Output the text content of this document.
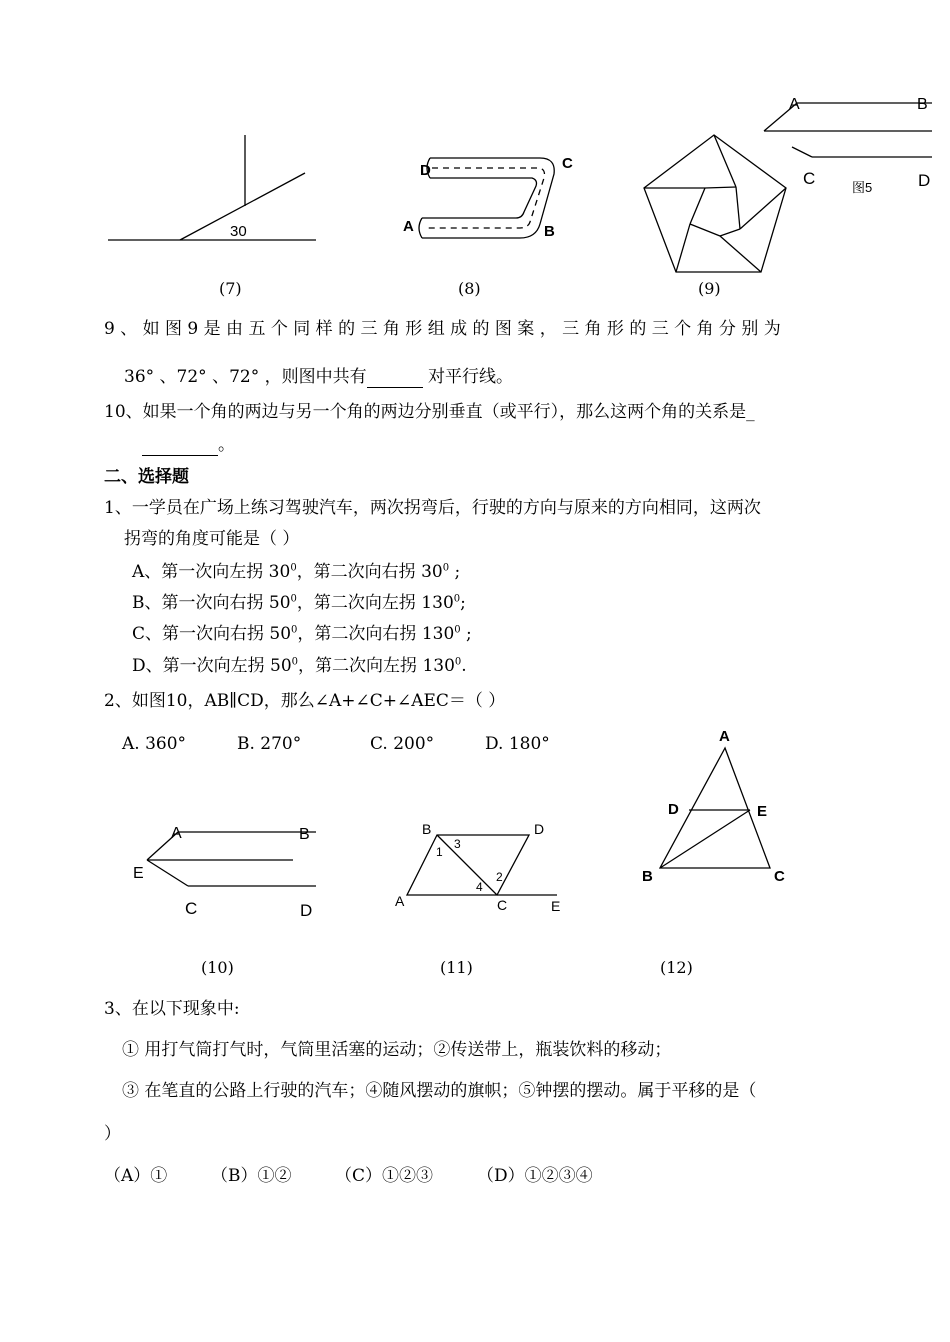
30
D	C
A	B
A	B
C	D
图5
(7)	(8)	(9)
9 、 如 图 9 是 由 五 个 同 样 的 三 角 形 组 成 的 图 案 ， 三 角 形 的 三 个 角 分 别 为
36° 、72° 、72° ，则图中共有	对平行线。
10、如果一个角的两边与另一个角的两边分别垂直（或平行），那么这两个角的关系是_
。
二、选择题
1、一学员在广场上练习驾驶汽车，两次拐弯后，行驶的方向与原来的方向相同，这两次
拐弯的角度可能是（ ）
A、第一次向左拐 $30^0$，第二次向右拐 $30^0$ ;
B、第一次向右拐 $50^0$，第二次向左拐 $130^0$;
C、第一次向右拐 $50^0$，第二次向右拐 $130^0$ ;
D、第一次向左拐 $50^0$，第二次向左拐 $130^0$.
2、如图10，AB∥CD，那么∠A+∠C+∠AEC＝（ ）
A. 360°	B. 270°	C. 200°	D. 180°
A	B
E
C	D
B	D
A	C	E
1
3
4
2
A
D	E
B	C
(10)	(11)	(12)
3、在以下现象中:
① 用打气筒打气时，气筒里活塞的运动；②传送带上，瓶装饮料的移动；
③ 在笔直的公路上行驶的汽车；④随风摆动的旗帜；⑤钟摆的摆动。属于平移的是（
）
（A）①	（B）①②	（C）①②③	（D）①②③④
